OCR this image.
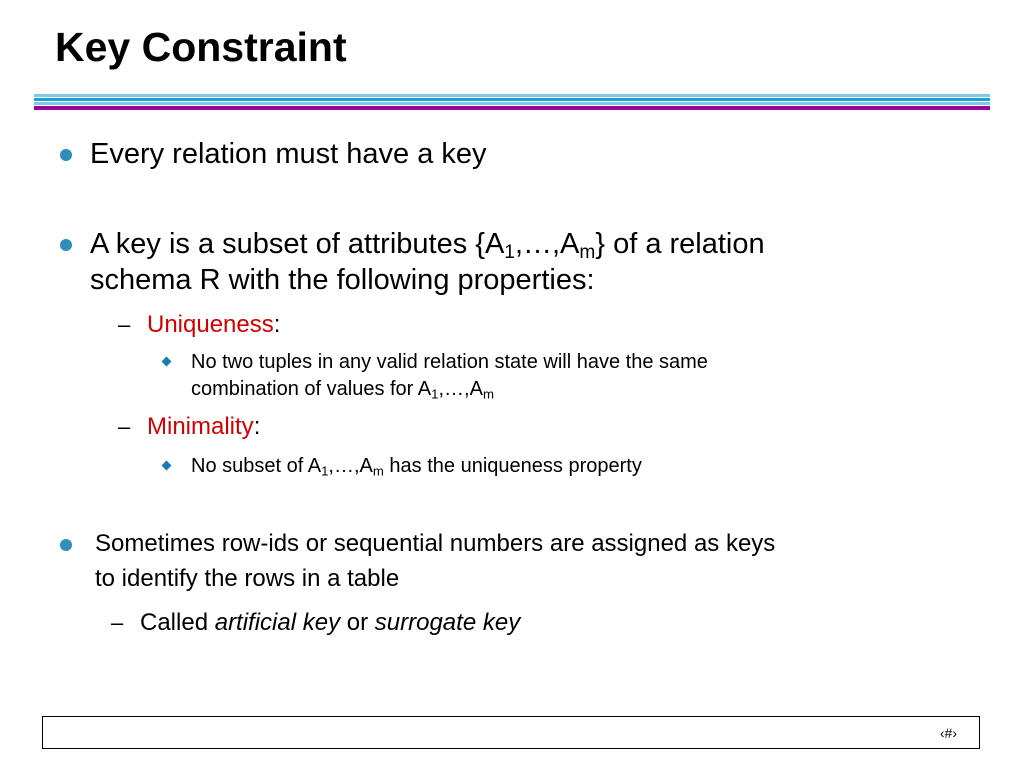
Key Constraint
Every relation must have a key
A key is a subset of attributes $\{A_1,\dots,A_m\}$ of a relation
schema R with the following properties:
– Uniqueness:
No two tuples in any valid relation state will have the same
combination of values for $A_1,\dots,A_m$
– Minimality:
No subset of $A_1,\dots,A_m$ has the uniqueness property
Sometimes row-ids or sequential numbers are assigned as keys
to identify the rows in a table
– Called artificial key or surrogate key
‹#›
